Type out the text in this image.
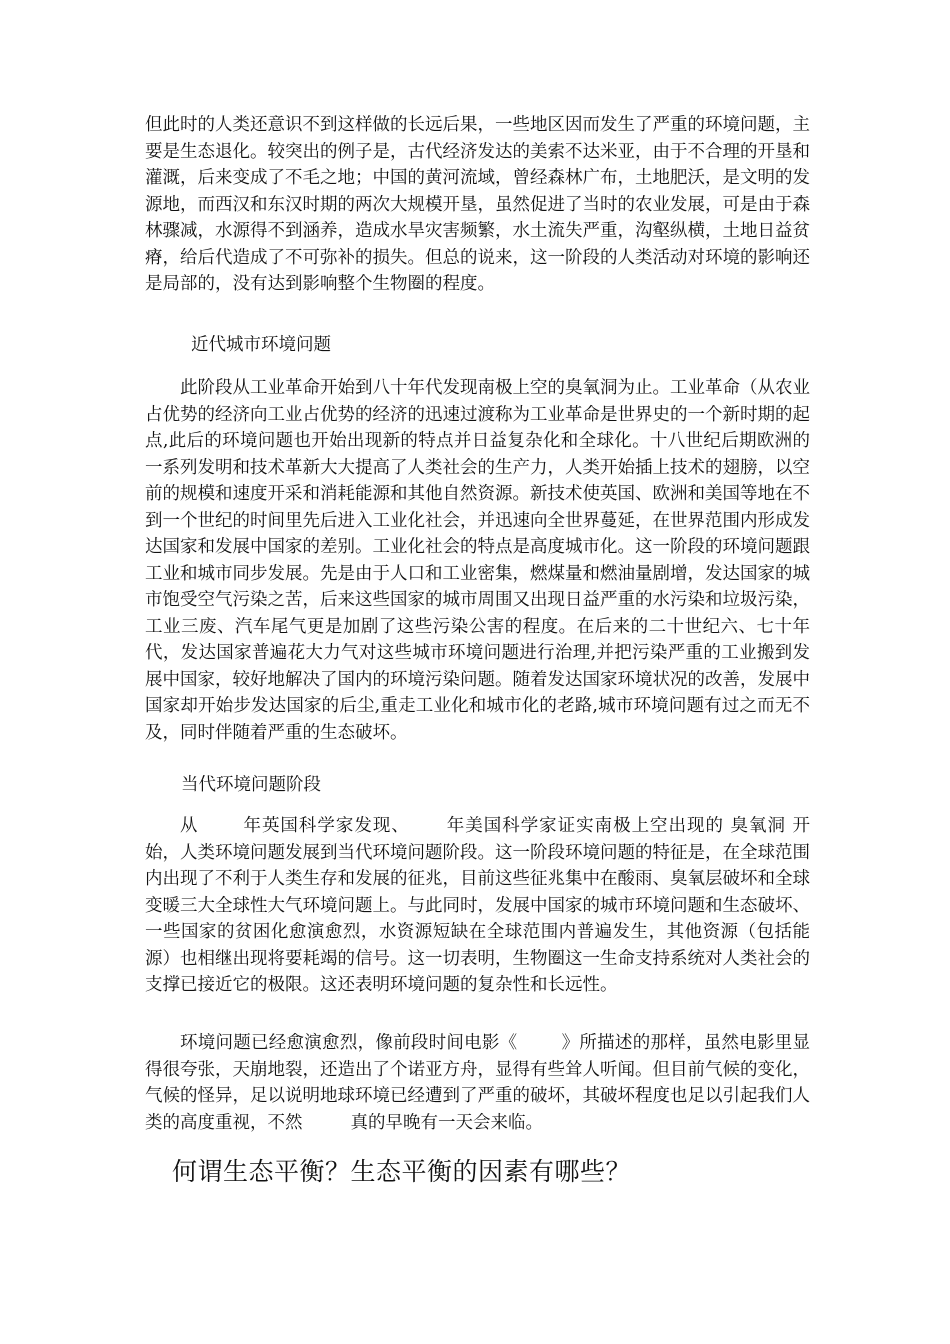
但此时的人类还意识不到这样做的长远后果，一些地区因而发生了严重的环境问题，主要是生态退化。较突出的例子是，古代经济发达的美索不达米亚，由于不合理的开垦和灌溉，后来变成了不毛之地；中国的黄河流域，曾经森林广布，土地肥沃，是文明的发源地，而西汉和东汉时期的两次大规模开垦，虽然促进了当时的农业发展，可是由于森林骤减，水源得不到涵养，造成水旱灾害频繁，水土流失严重，沟壑纵横，土地日益贫瘠，给后代造成了不可弥补的损失。但总的说来，这一阶段的人类活动对环境的影响还是局部的，没有达到影响整个生物圈的程度。

近代城市环境问题

此阶段从工业革命开始到八十年代发现南极上空的臭氧洞为止。工业革命（从农业占优势的经济向工业占优势的经济的迅速过渡称为工业革命是世界史的一个新时期的起点,此后的环境问题也开始出现新的特点并日益复杂化和全球化。十八世纪后期欧洲的一系列发明和技术革新大大提高了人类社会的生产力，人类开始插上技术的翅膀，以空前的规模和速度开采和消耗能源和其他自然资源。新技术使英国、欧洲和美国等地在不到一个世纪的时间里先后进入工业化社会，并迅速向全世界蔓延，在世界范围内形成发达国家和发展中国家的差别。工业化社会的特点是高度城市化。这一阶段的环境问题跟工业和城市同步发展。先是由于人口和工业密集，燃煤量和燃油量剧增，发达国家的城市饱受空气污染之苦，后来这些国家的城市周围又出现日益严重的水污染和垃圾污染，工业三废、汽车尾气更是加剧了这些污染公害的程度。在后来的二十世纪六、七十年代，发达国家普遍花大力气对这些城市环境问题进行治理,并把污染严重的工业搬到发展中国家，较好地解决了国内的环境污染问题。随着发达国家环境状况的改善，发展中国家却开始步发达国家的后尘,重走工业化和城市化的老路,城市环境问题有过之而无不及，同时伴随着严重的生态破坏。

当代环境问题阶段

从	年英国科学家发现、 年美国科学家证实南极上空出现的 臭氧洞 开始，人类环境问题发展到当代环境问题阶段。这一阶段环境问题的特征是，在全球范围内出现了不利于人类生存和发展的征兆，目前这些征兆集中在酸雨、臭氧层破坏和全球变暖三大全球性大气环境问题上。与此同时，发展中国家的城市环境问题和生态破坏、一些国家的贫困化愈演愈烈，水资源短缺在全球范围内普遍发生，其他资源（包括能源）也相继出现将要耗竭的信号。这一切表明，生物圈这一生命支持系统对人类社会的支撑已接近它的极限。这还表明环境问题的复杂性和长远性。

环境问题已经愈演愈烈，像前段时间电影《	》所描述的那样，虽然电影里显得很夸张，天崩地裂，还造出了个诺亚方舟，显得有些耸人听闻。但目前气候的变化，气候的怪异，足以说明地球环境已经遭到了严重的破坏，其破坏程度也足以引起我们人类的高度重视，不然	真的早晚有一天会来临。

何谓生态平衡？生态平衡的因素有哪些？
